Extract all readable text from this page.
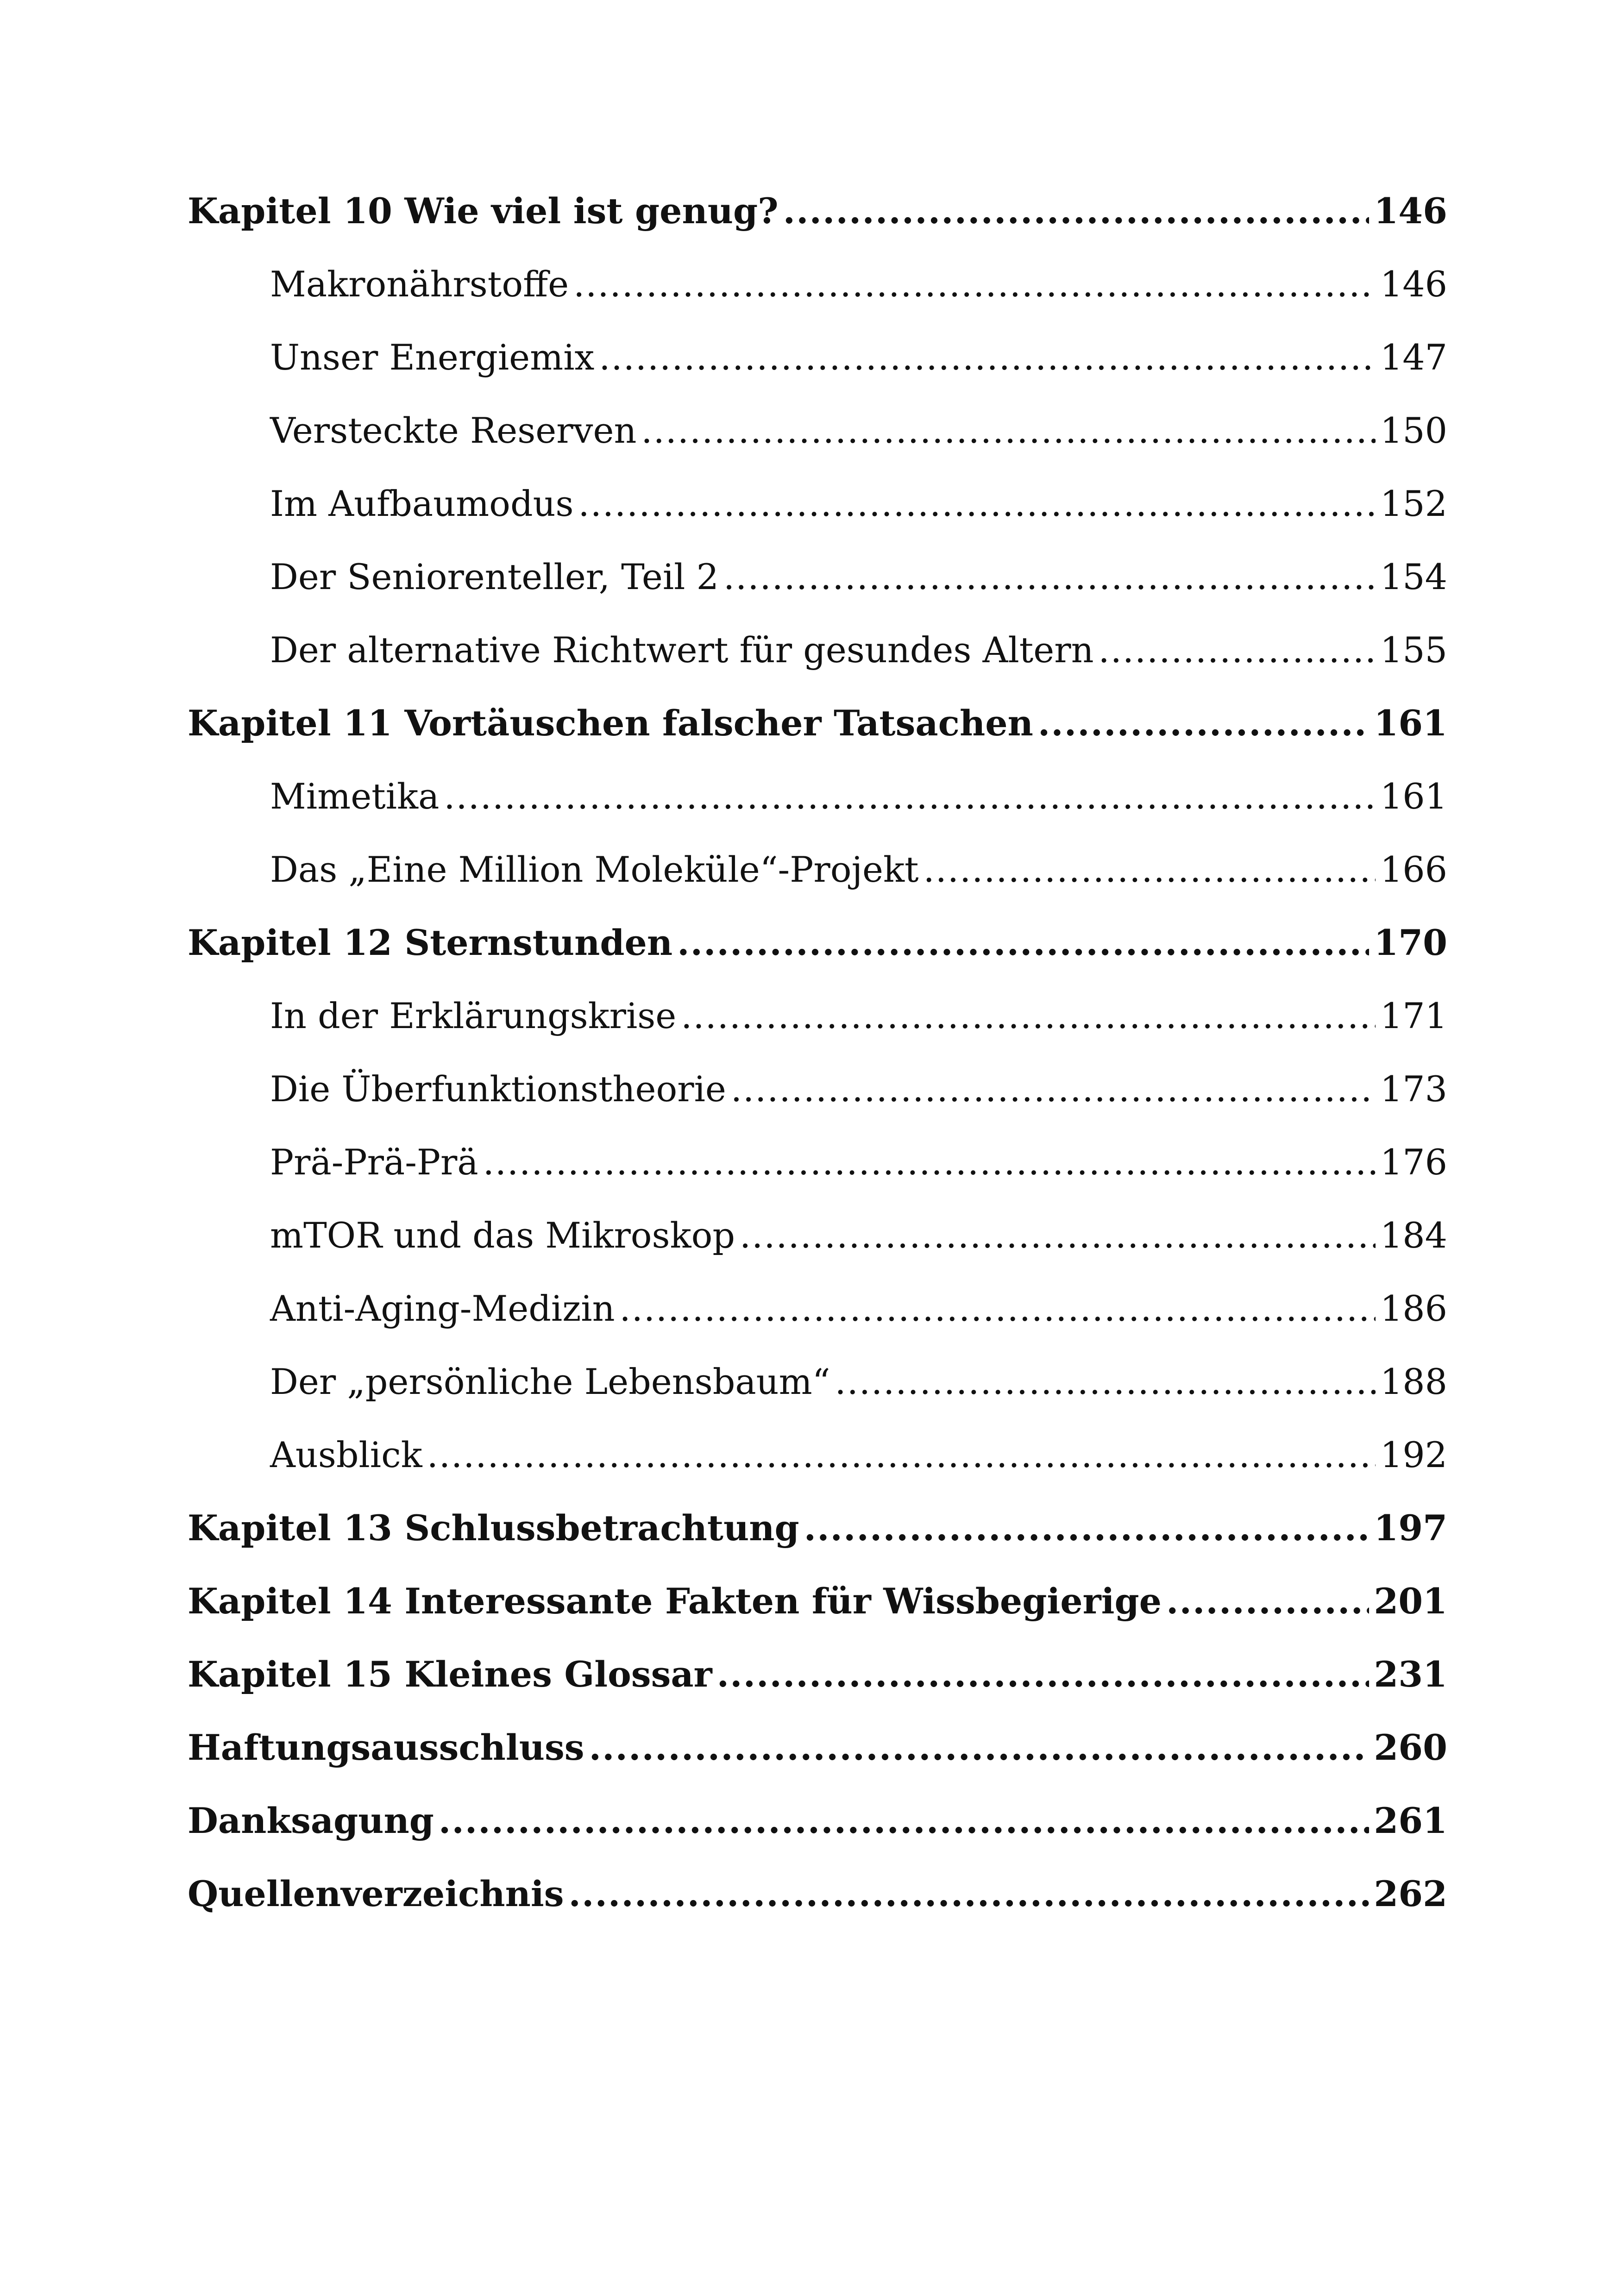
Kapitel 10 Wie viel ist genug? .....	146
Makronährstoffe .....	146
Unser Energiemix .....	147
Versteckte Reserven .....	150
Im Aufbaumodus .....	152
Der Seniorenteller, Teil 2 .....	154
Der alternative Richtwert für gesundes Altern .....	155
Kapitel 11 Vortäuschen falscher Tatsachen .....	161
Mimetika .....	161
Das „Eine Million Moleküle“-Projekt .....	166
Kapitel 12 Sternstunden .....	170
In der Erklärungskrise .....	171
Die Überfunktionstheorie .....	173
Prä-Prä-Prä .....	176
mTOR und das Mikroskop .....	184
Anti-Aging-Medizin .....	186
Der „persönliche Lebensbaum“ .....	188
Ausblick .....	192
Kapitel 13 Schlussbetrachtung .....	197
Kapitel 14 Interessante Fakten für Wissbegierige .....	201
Kapitel 15 Kleines Glossar .....	231
Haftungsausschluss .....	260
Danksagung .....	261
Quellenverzeichnis .....	262
